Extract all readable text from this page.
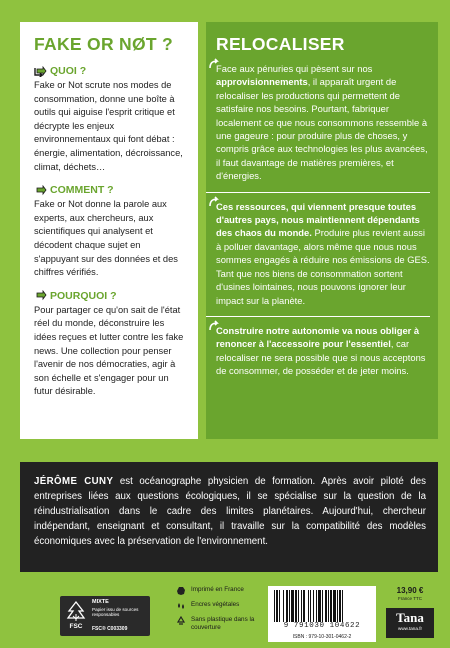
FAKE OR NØT ?
QUOI ?

Fake or Not scrute nos modes de consommation, donne une boîte à outils qui aiguise l'esprit critique et décrypte les enjeux environnementaux qui font débat : énergie, alimentation, décroissance, climat, déchets…

COMMENT ?

Fake or Not donne la parole aux experts, aux chercheurs, aux scientifiques qui analysent et décodent chaque sujet en s'appuyant sur des données et des chiffres vérifiés.

POURQUOI ?

Pour partager ce qu'on sait de l'état réel du monde, déconstruire les idées reçues et lutter contre les fake news. Une collection pour penser l'avenir de nos démocraties, agir à son échelle et s'engager pour un futur désirable.

RELOCALISER

Face aux pénuries qui pèsent sur nos approvisionnements, il apparaît urgent de relocaliser les productions qui permettent de satisfaire nos besoins. Pourtant, fabriquer localement ce que nous consommons ressemble à une gageure : pour produire plus de choses, y compris grâce aux technologies les plus avancées, il faut davantage de matières premières, et d'énergies.

Ces ressources, qui viennent presque toutes d'autres pays, nous maintiennent dépendants des chaos du monde. Produire plus revient aussi à polluer davantage, alors même que nous nous sommes engagés à réduire nos émissions de GES. Tant que nos biens de consommation sortent d'usines lointaines, nous pouvons ignorer leur impact sur la planète.

Construire notre autonomie va nous obliger à renoncer à l'accessoire pour l'essentiel, car relocaliser ne sera possible que si nous acceptons de consommer, de posséder et de jeter moins.

JÉRÔME CUNY est océanographe physicien de formation. Après avoir piloté des entreprises liées aux questions écologiques, il se spécialise sur la question de la réindustrialisation dans le cadre des limites planétaires. Aujourd'hui, chercheur indépendant, enseignant et consultant, il travaille sur la compatibilité des modèles économiques avec la préservation de l'environnement.
FSC
MIXTE
Papier issu de sources responsables
FSC® C003309
Imprimé en France
Encres végétales
Sans plastique dans la couverture	9 791030 104622
ISBN : 979-10-301-0462-2
13,90 €
France TTC
Tana
www.tana.fr
